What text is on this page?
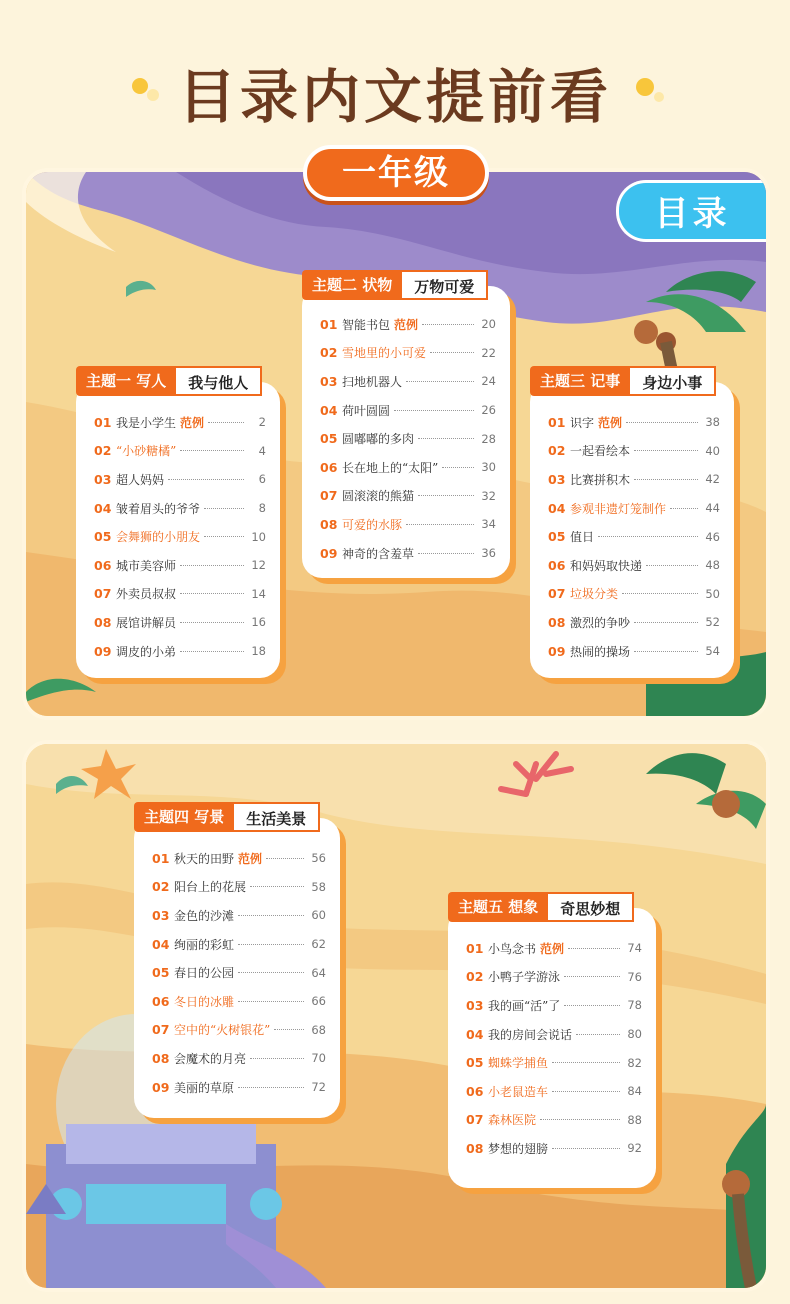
目录内文提前看
一年级
目录
主题一 写人	我与他人
01 我是小学生 范例	2
02 “小砂糖橘”	4
03 超人妈妈	6
04 皱着眉头的爷爷	8
05 会舞狮的小朋友	10
06 城市美容师	12
07 外卖员叔叔	14
08 展馆讲解员	16
09 调皮的小弟	18
主题二 状物	万物可爱
01 智能书包 范例	20
02 雪地里的小可爱	22
03 扫地机器人	24
04 荷叶圆圆	26
05 圆嘟嘟的多肉	28
06 长在地上的“太阳”	30
07 圆滚滚的熊猫	32
08 可爱的水豚	34
09 神奇的含羞草	36
主题三 记事	身边小事
01 识字 范例	38
02 一起看绘本	40
03 比赛拼积木	42
04 参观非遗灯笼制作	44
05 值日	46
06 和妈妈取快递	48
07 垃圾分类	50
08 激烈的争吵	52
09 热闹的操场	54
主题四 写景	生活美景
01 秋天的田野 范例	56
02 阳台上的花展	58
03 金色的沙滩	60
04 绚丽的彩虹	62
05 春日的公园	64
06 冬日的冰雕	66
07 空中的“火树银花”	68
08 会魔术的月亮	70
09 美丽的草原	72
主题五 想象	奇思妙想
01 小鸟念书 范例	74
02 小鸭子学游泳	76
03 我的画“活”了	78
04 我的房间会说话	80
05 蜘蛛学捕鱼	82
06 小老鼠造车	84
07 森林医院	88
08 梦想的翅膀	92
